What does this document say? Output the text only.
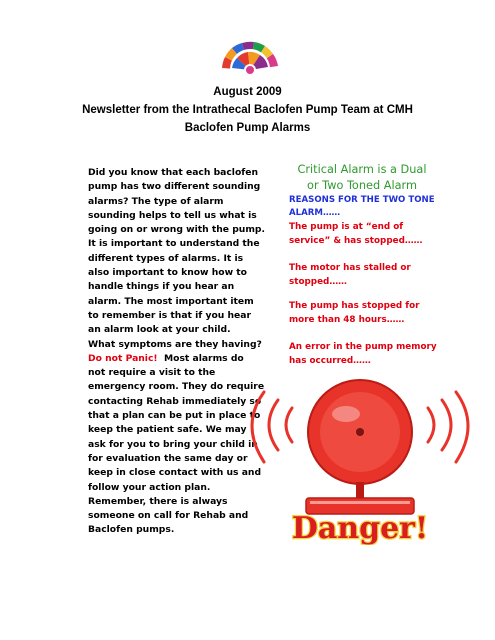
August 2009
Newsletter from the Intrathecal Baclofen Pump Team at CMH
Baclofen Pump Alarms
Did you know that each baclofen
pump has two different sounding
alarms? The type of alarm
sounding helps to tell us what is
going on or wrong with the pump.
It is important to understand the
different types of alarms. It is
also important to know how to
handle things if you hear an
alarm. The most important item
to remember is that if you hear
an alarm look at your child.
What symptoms are they having?
Do not Panic!  Most alarms do
not require a visit to the
emergency room. They do require
contacting Rehab immediately so
that a plan can be put in place to
keep the patient safe. We may
ask for you to bring your child in
for evaluation the same day or
keep in close contact with us and
follow your action plan.
Remember, there is always
someone on call for Rehab and
Baclofen pumps.
Critical Alarm is a Dual or Two Toned Alarm
REASONS FOR THE TWO TONE ALARM……
The pump is at “end of service” & has stopped……
The motor has stalled or stopped……
The pump has stopped for more than 48 hours……
An error in the pump memory has occurred……
Danger!
